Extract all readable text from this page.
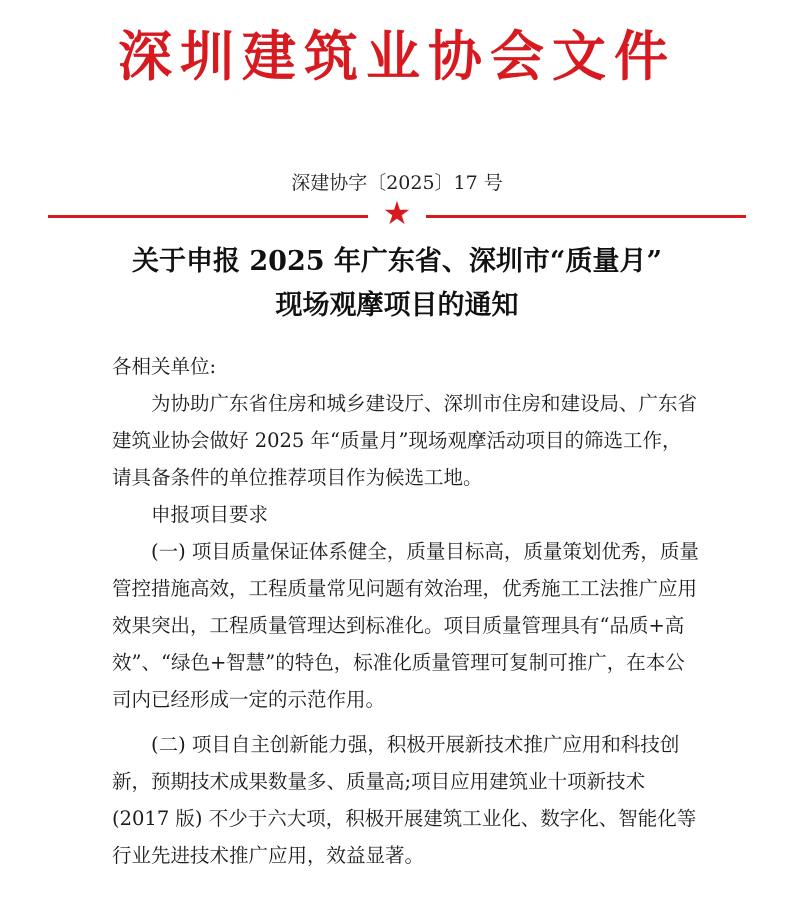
深圳建筑业协会文件
深建协字〔2025〕17 号
★
关于申报 2025 年广东省、深圳市“质量月”
现场观摩项目的通知

各相关单位:

为协助广东省住房和城乡建设厅、深圳市住房和建设局、广东省建筑业协会做好 2025 年“质量月”现场观摩活动项目的筛选工作，请具备条件的单位推荐项目作为候选工地。

申报项目要求

(一) 项目质量保证体系健全，质量目标高，质量策划优秀，质量管控措施高效，工程质量常见问题有效治理，优秀施工工法推广应用效果突出，工程质量管理达到标准化。项目质量管理具有“品质+高效”、“绿色+智慧”的特色，标准化质量管理可复制可推广，在本公司内已经形成一定的示范作用。

(二) 项目自主创新能力强，积极开展新技术推广应用和科技创新，预期技术成果数量多、质量高;项目应用建筑业十项新技术 (2017 版) 不少于六大项，积极开展建筑工业化、数字化、智能化等行业先进技术推广应用，效益显著。
